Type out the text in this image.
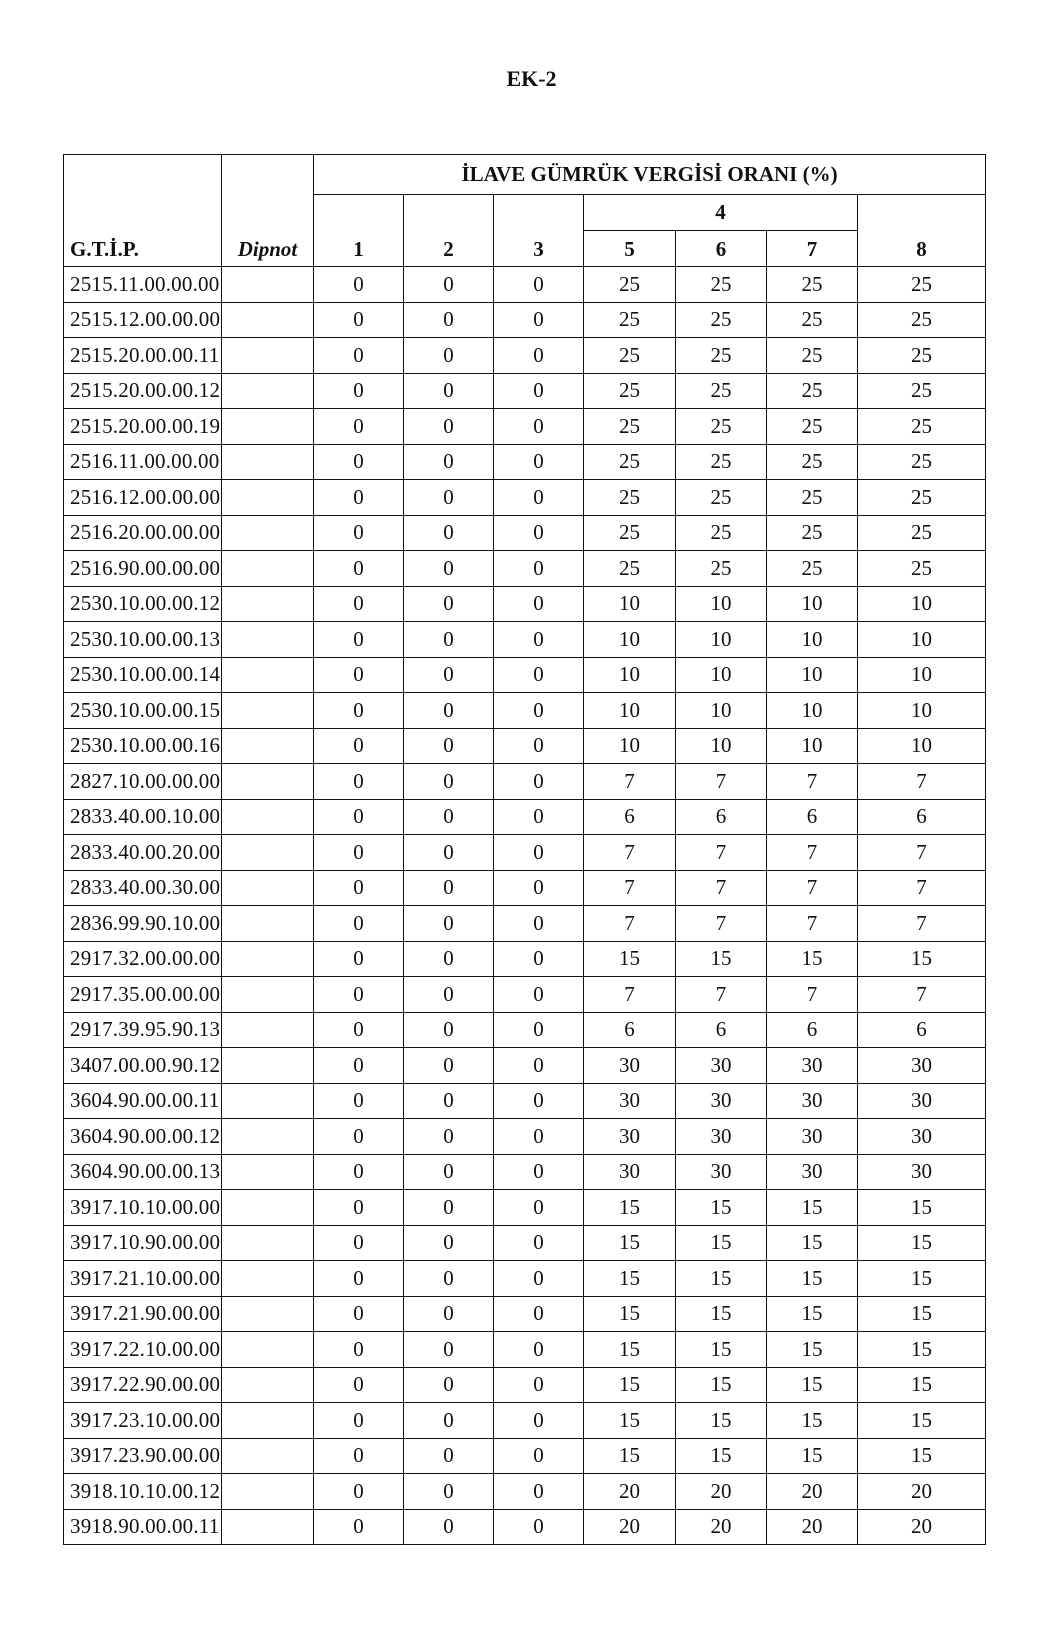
EK-2
G.T.İ.P.	Dipnot	İLAVE GÜMRÜK VERGİSİ ORANI (%)						
					4			
		1	2	3	5	6	7	8
2515.11.00.00.00		0	0	0	25	25	25	25
2515.12.00.00.00		0	0	0	25	25	25	25
2515.20.00.00.11		0	0	0	25	25	25	25
2515.20.00.00.12		0	0	0	25	25	25	25
2515.20.00.00.19		0	0	0	25	25	25	25
2516.11.00.00.00		0	0	0	25	25	25	25
2516.12.00.00.00		0	0	0	25	25	25	25
2516.20.00.00.00		0	0	0	25	25	25	25
2516.90.00.00.00		0	0	0	25	25	25	25
2530.10.00.00.12		0	0	0	10	10	10	10
2530.10.00.00.13		0	0	0	10	10	10	10
2530.10.00.00.14		0	0	0	10	10	10	10
2530.10.00.00.15		0	0	0	10	10	10	10
2530.10.00.00.16		0	0	0	10	10	10	10
2827.10.00.00.00		0	0	0	7	7	7	7
2833.40.00.10.00		0	0	0	6	6	6	6
2833.40.00.20.00		0	0	0	7	7	7	7
2833.40.00.30.00		0	0	0	7	7	7	7
2836.99.90.10.00		0	0	0	7	7	7	7
2917.32.00.00.00		0	0	0	15	15	15	15
2917.35.00.00.00		0	0	0	7	7	7	7
2917.39.95.90.13		0	0	0	6	6	6	6
3407.00.00.90.12		0	0	0	30	30	30	30
3604.90.00.00.11		0	0	0	30	30	30	30
3604.90.00.00.12		0	0	0	30	30	30	30
3604.90.00.00.13		0	0	0	30	30	30	30
3917.10.10.00.00		0	0	0	15	15	15	15
3917.10.90.00.00		0	0	0	15	15	15	15
3917.21.10.00.00		0	0	0	15	15	15	15
3917.21.90.00.00		0	0	0	15	15	15	15
3917.22.10.00.00		0	0	0	15	15	15	15
3917.22.90.00.00		0	0	0	15	15	15	15
3917.23.10.00.00		0	0	0	15	15	15	15
3917.23.90.00.00		0	0	0	15	15	15	15
3918.10.10.00.12		0	0	0	20	20	20	20
3918.90.00.00.11		0	0	0	20	20	20	20
